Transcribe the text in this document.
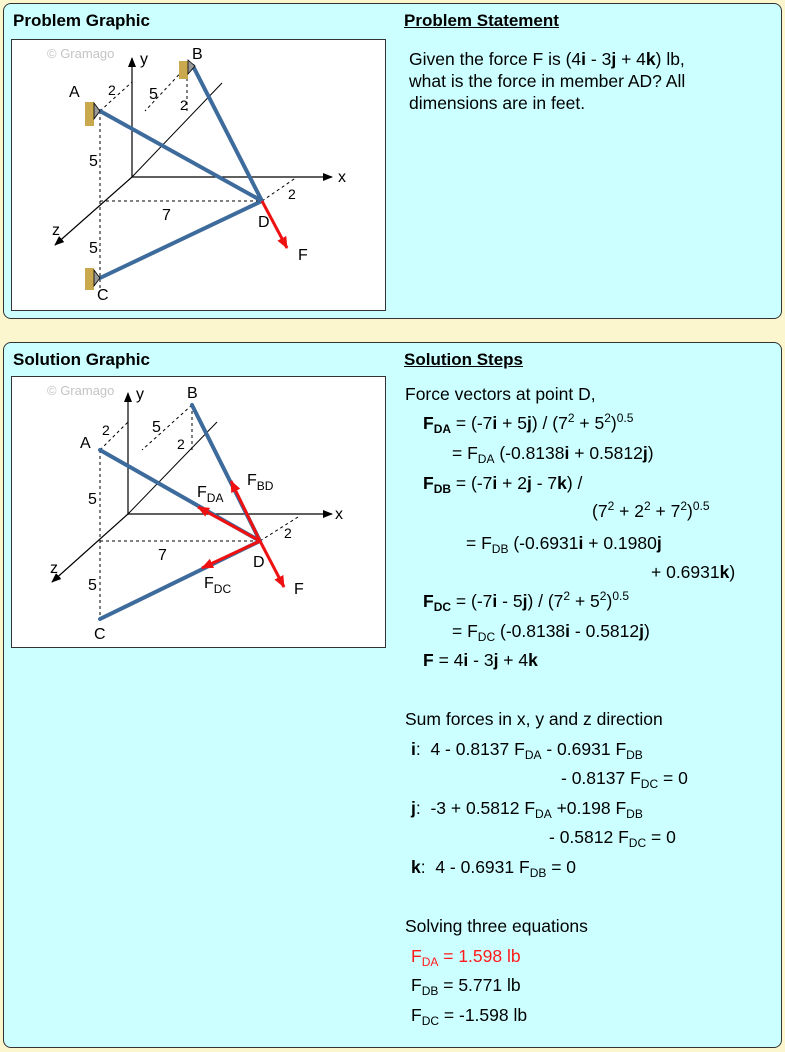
Problem Graphic	Problem Statement
© Gramago y
x
z
A
B
C
D
F
5
5
2 5
2
7
2
Given the force F is (4i - 3j + 4k) lb,
what is the force in member AD? All
dimensions are in feet.
Solution Graphic	Solution Steps
© Gramago y
x
z
A
B
C
D
F
$F_{DA}$
$F_{BD}$
$F_{DC}$
5
5
2	5
2
7
2
Force vectors at point D,
$F_{DA} = (-7i + 5j) / (7^2 + 5^2)^{0.5}$
= $F_{DA}$ (-0.8138i + 0.5812j)
$F_{DB} = (-7i + 2j - 7k)$ /
$(7^2 + 2^2 + 7^2)^{0.5}$
= $F_{DB}$ (-0.6931i + 0.1980j
+ 0.6931k)
$F_{DC} = (-7i - 5j) / (7^2 + 5^2)^{0.5}$
= $F_{DC}$ (-0.8138i - 0.5812j)
F = 4i - 3j + 4k
Sum forces in x, y and z direction
i:  4 - 0.8137 $F_{DA} - 0.6931$ $F_{DB}$
- 0.8137 $F_{DC} = 0$
j:  -3 + 0.5812 $F_{DA} +0.198$ $F_{DB}$
- 0.5812 $F_{DC} = 0$
k:  4 - 0.6931 $F_{DB} = 0$
Solving three equations
$F_{DA} = 1.598$ lb
$F_{DB} = 5.771$ lb
$F_{DC} = -1.598$ lb
